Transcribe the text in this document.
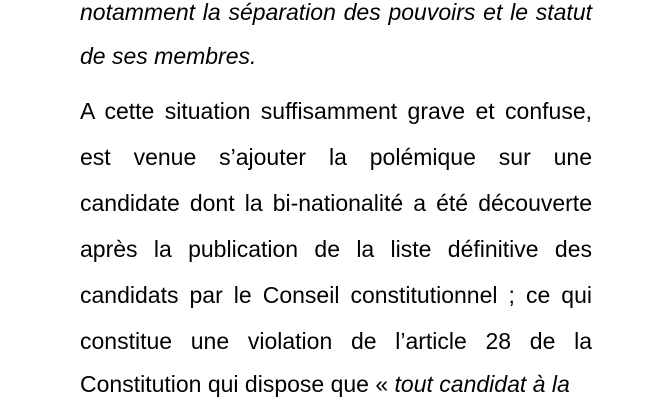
notamment la séparation des pouvoirs et le statut
de ses membres.
A cette situation suffisamment grave et confuse,
est venue s’ajouter la polémique sur une
candidate dont la bi-nationalité a été découverte
après la publication de la liste définitive des
candidats par le Conseil constitutionnel ; ce qui
constitue une violation de l’article 28 de la
Constitution qui dispose que « tout candidat à la
